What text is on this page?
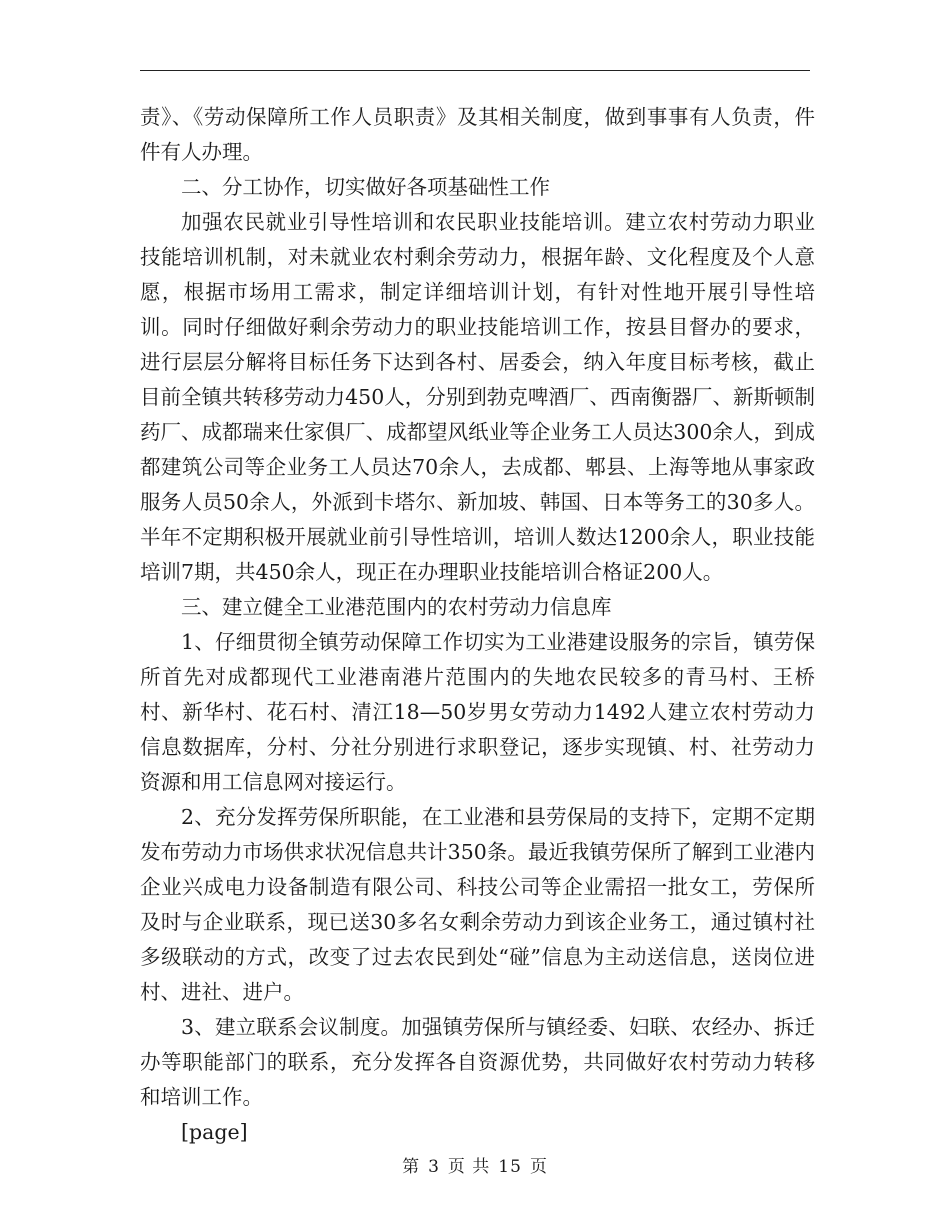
责》、《劳动保障所工作人员职责》及其相关制度，做到事事有人负责，件件有人办理。

二、分工协作，切实做好各项基础性工作

加强农民就业引导性培训和农民职业技能培训。建立农村劳动力职业技能培训机制，对未就业农村剩余劳动力，根据年龄、文化程度及个人意愿，根据市场用工需求，制定详细培训计划，有针对性地开展引导性培训。同时仔细做好剩余劳动力的职业技能培训工作，按县目督办的要求，进行层层分解将目标任务下达到各村、居委会，纳入年度目标考核，截止目前全镇共转移劳动力450人，分别到勃克啤酒厂、西南衡器厂、新斯顿制药厂、成都瑞来仕家俱厂、成都望风纸业等企业务工人员达300余人，到成都建筑公司等企业务工人员达70余人，去成都、郫县、上海等地从事家政服务人员50余人，外派到卡塔尔、新加坡、韩国、日本等务工的30多人。半年不定期积极开展就业前引导性培训，培训人数达1200余人，职业技能培训7期，共450余人，现正在办理职业技能培训合格证200人。

三、建立健全工业港范围内的农村劳动力信息库

1、仔细贯彻全镇劳动保障工作切实为工业港建设服务的宗旨，镇劳保所首先对成都现代工业港南港片范围内的失地农民较多的青马村、王桥村、新华村、花石村、清江18—50岁男女劳动力1492人建立农村劳动力信息数据库，分村、分社分别进行求职登记，逐步实现镇、村、社劳动力资源和用工信息网对接运行。

2、充分发挥劳保所职能，在工业港和县劳保局的支持下，定期不定期发布劳动力市场供求状况信息共计350条。最近我镇劳保所了解到工业港内企业兴成电力设备制造有限公司、科技公司等企业需招一批女工，劳保所及时与企业联系，现已送30多名女剩余劳动力到该企业务工，通过镇村社多级联动的方式，改变了过去农民到处“碰”信息为主动送信息，送岗位进村、进社、进户。

3、建立联系会议制度。加强镇劳保所与镇经委、妇联、农经办、拆迁办等职能部门的联系，充分发挥各自资源优势，共同做好农村劳动力转移和培训工作。

[page]

第 3 页 共 15 页
